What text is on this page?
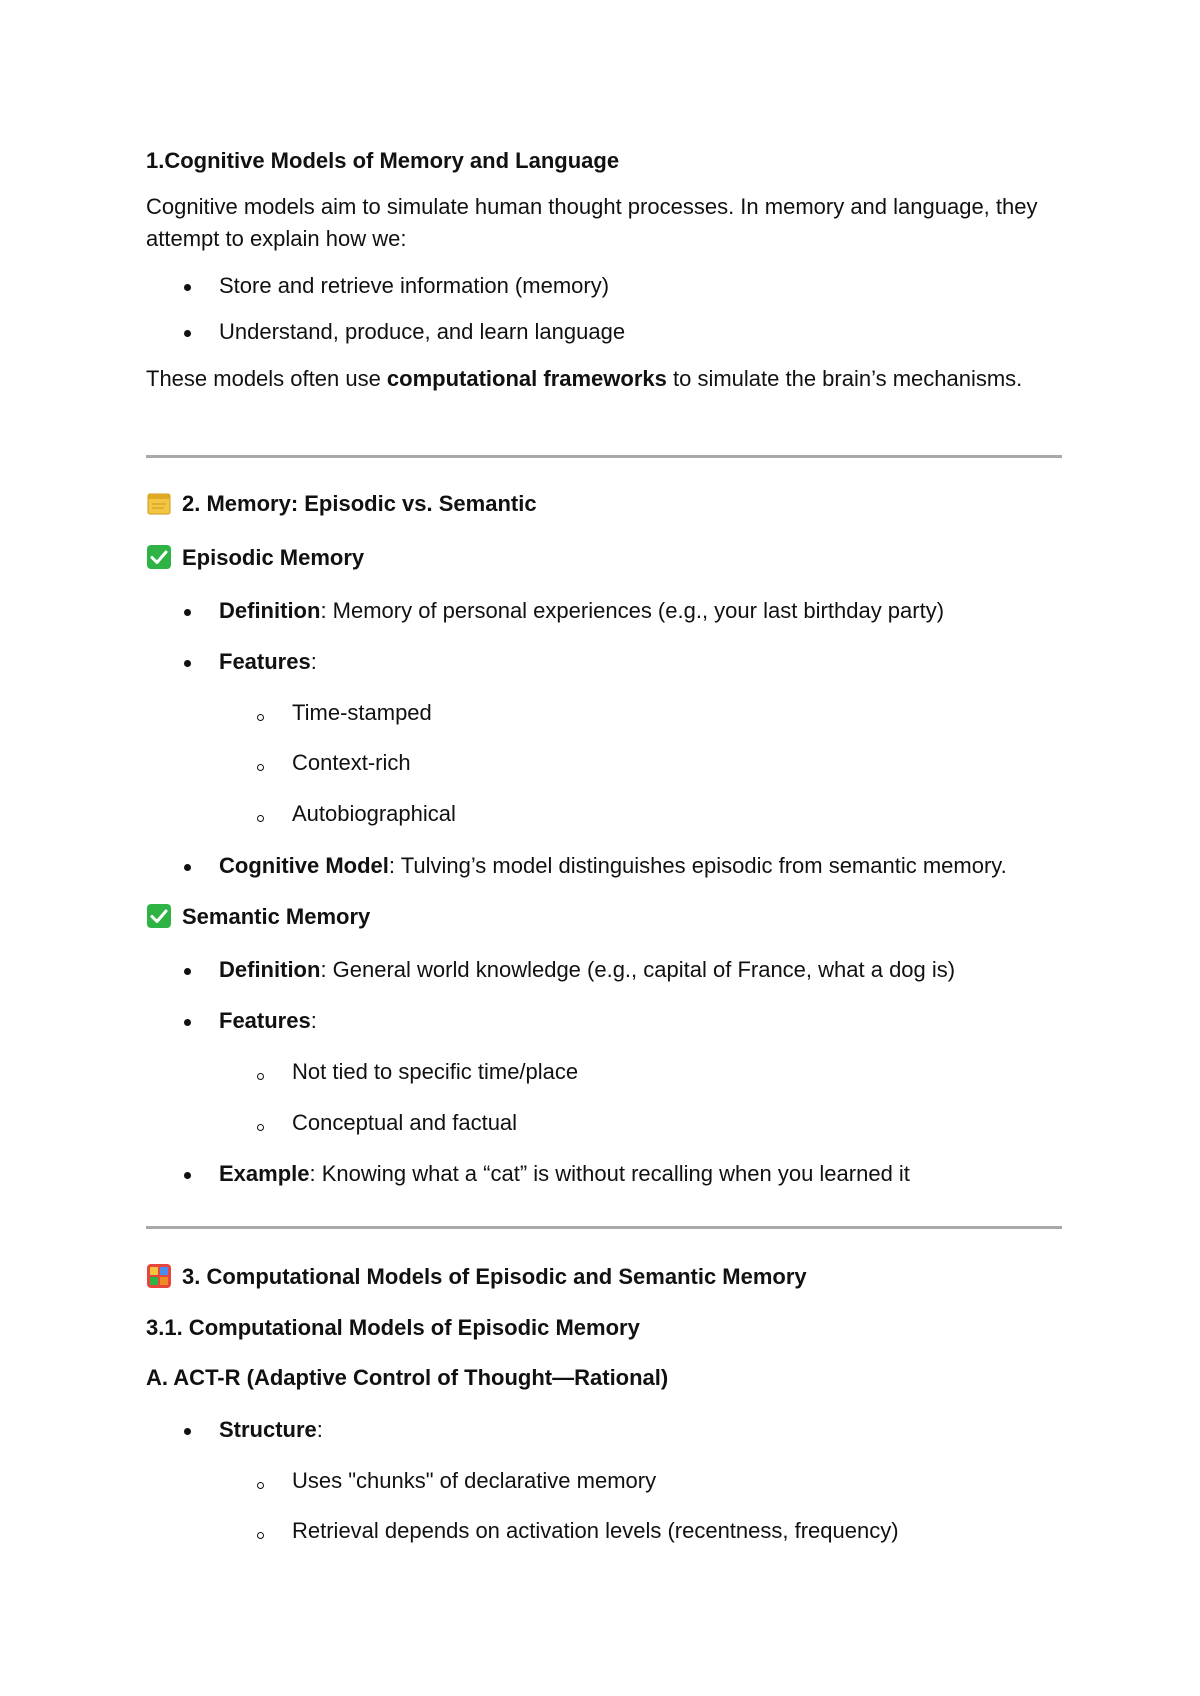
1.Cognitive Models of Memory and Language
Cognitive models aim to simulate human thought processes. In memory and language, they
attempt to explain how we:
Store and retrieve information (memory)
Understand, produce, and learn language
These models often use computational frameworks to simulate the brain’s mechanisms.
2. Memory: Episodic vs. Semantic
Episodic Memory
Definition: Memory of personal experiences (e.g., your last birthday party)
Features:
Time-stamped
Context-rich
Autobiographical
Cognitive Model: Tulving’s model distinguishes episodic from semantic memory.
Semantic Memory
Definition: General world knowledge (e.g., capital of France, what a dog is)
Features:
Not tied to specific time/place
Conceptual and factual
Example: Knowing what a “cat” is without recalling when you learned it
3. Computational Models of Episodic and Semantic Memory
3.1. Computational Models of Episodic Memory
A. ACT-R (Adaptive Control of Thought—Rational)
Structure:
Uses "chunks" of declarative memory
Retrieval depends on activation levels (recentness, frequency)
